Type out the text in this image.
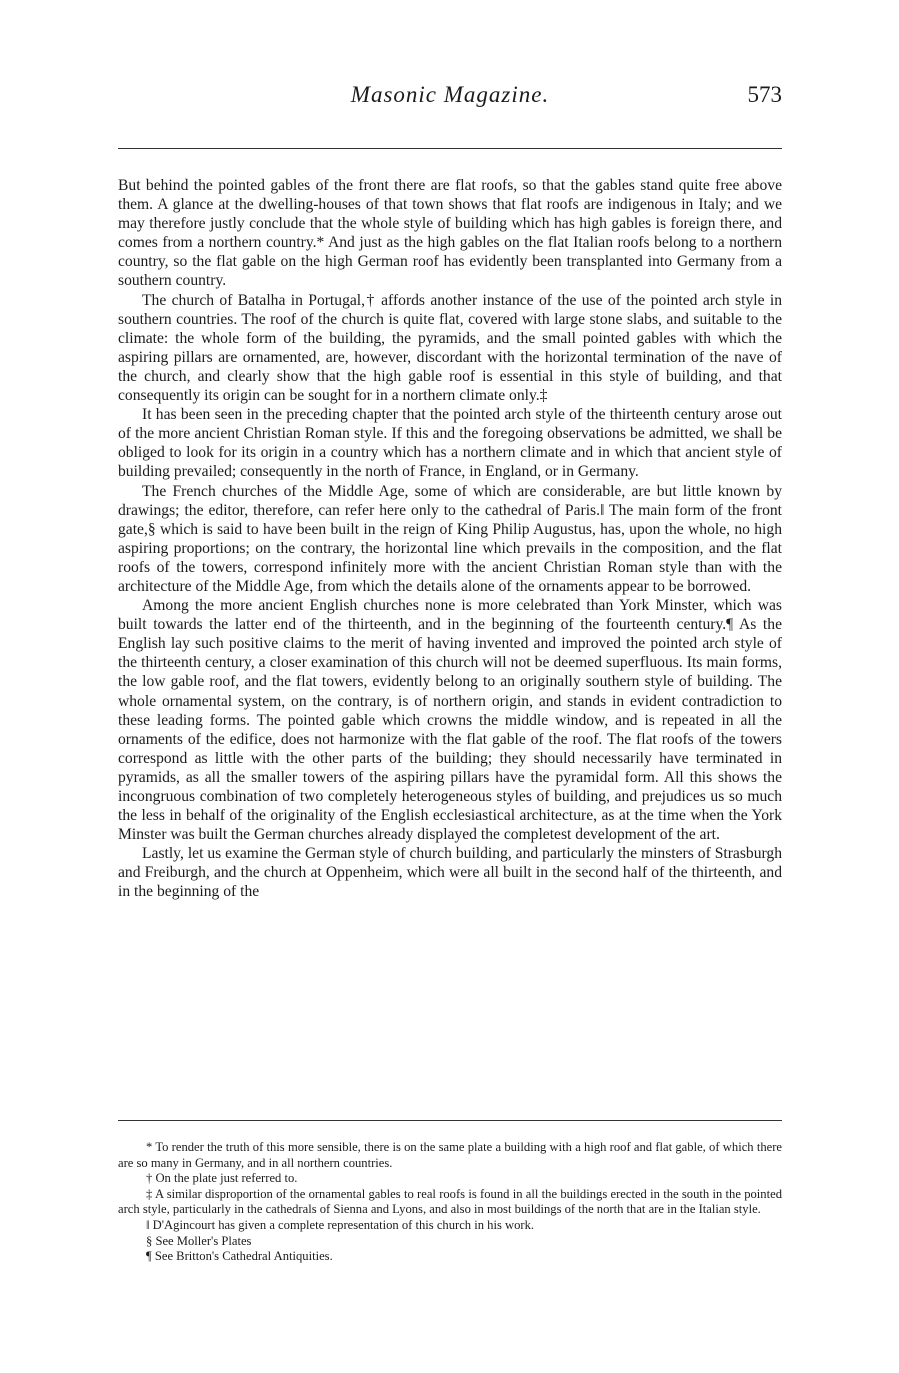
Masonic Magazine.	573

But behind the pointed gables of the front there are flat roofs, so that the gables stand quite free above them. A glance at the dwelling-houses of that town shows that flat roofs are indigenous in Italy; and we may therefore justly conclude that the whole style of building which has high gables is foreign there, and comes from a northern country.* And just as the high gables on the flat Italian roofs belong to a northern country, so the flat gable on the high German roof has evidently been transplanted into Germany from a southern country.

The church of Batalha in Portugal,† affords another instance of the use of the pointed arch style in southern countries. The roof of the church is quite flat, covered with large stone slabs, and suitable to the climate: the whole form of the building, the pyramids, and the small pointed gables with which the aspiring pillars are ornamented, are, however, discordant with the horizontal termination of the nave of the church, and clearly show that the high gable roof is essential in this style of building, and that consequently its origin can be sought for in a northern climate only.‡

It has been seen in the preceding chapter that the pointed arch style of the thirteenth century arose out of the more ancient Christian Roman style. If this and the foregoing observations be admitted, we shall be obliged to look for its origin in a country which has a northern climate and in which that ancient style of building prevailed; consequently in the north of France, in England, or in Germany.

The French churches of the Middle Age, some of which are considerable, are but little known by drawings; the editor, therefore, can refer here only to the cathedral of Paris.‖ The main form of the front gate,§ which is said to have been built in the reign of King Philip Augustus, has, upon the whole, no high aspiring proportions; on the contrary, the horizontal line which prevails in the composition, and the flat roofs of the towers, correspond infinitely more with the ancient Christian Roman style than with the architecture of the Middle Age, from which the details alone of the ornaments appear to be borrowed.

Among the more ancient English churches none is more celebrated than York Minster, which was built towards the latter end of the thirteenth, and in the beginning of the fourteenth century.¶ As the English lay such positive claims to the merit of having invented and improved the pointed arch style of the thirteenth century, a closer examination of this church will not be deemed superfluous. Its main forms, the low gable roof, and the flat towers, evidently belong to an originally southern style of building. The whole ornamental system, on the contrary, is of northern origin, and stands in evident contradiction to these leading forms. The pointed gable which crowns the middle window, and is repeated in all the ornaments of the edifice, does not harmonize with the flat gable of the roof. The flat roofs of the towers correspond as little with the other parts of the building; they should necessarily have terminated in pyramids, as all the smaller towers of the aspiring pillars have the pyramidal form. All this shows the incongruous combination of two completely heterogeneous styles of building, and prejudices us so much the less in behalf of the originality of the English ecclesiastical architecture, as at the time when the York Minster was built the German churches already displayed the completest development of the art.

Lastly, let us examine the German style of church building, and particularly the minsters of Strasburgh and Freiburgh, and the church at Oppenheim, which were all built in the second half of the thirteenth, and in the beginning of the

* To render the truth of this more sensible, there is on the same plate a building with a high roof and flat gable, of which there are so many in Germany, and in all northern countries.

† On the plate just referred to.

‡ A similar disproportion of the ornamental gables to real roofs is found in all the buildings erected in the south in the pointed arch style, particularly in the cathedrals of Sienna and Lyons, and also in most buildings of the north that are in the Italian style.

‖ D'Agincourt has given a complete representation of this church in his work.

§ See Moller's Plates

¶ See Britton's Cathedral Antiquities.
